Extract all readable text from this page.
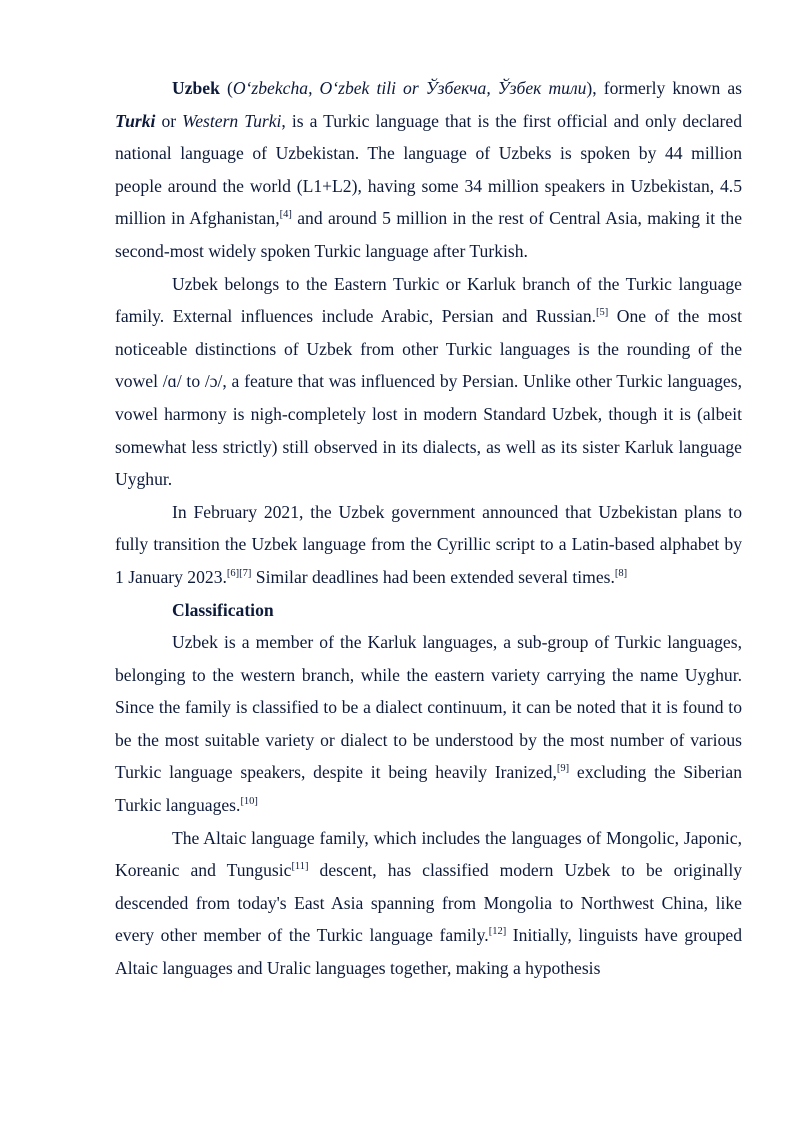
Uzbek (Oʻzbekcha, Oʻzbek tili or Ўзбекча, Ўзбек тили), formerly known as Turki or Western Turki, is a Turkic language that is the first official and only declared national language of Uzbekistan. The language of Uzbeks is spoken by 44 million people around the world (L1+L2), having some 34 million speakers in Uzbekistan, 4.5 million in Afghanistan,[4] and around 5 million in the rest of Central Asia, making it the second-most widely spoken Turkic language after Turkish.

Uzbek belongs to the Eastern Turkic or Karluk branch of the Turkic language family. External influences include Arabic, Persian and Russian.[5] One of the most noticeable distinctions of Uzbek from other Turkic languages is the rounding of the vowel /ɑ/ to /ɔ/, a feature that was influenced by Persian. Unlike other Turkic languages, vowel harmony is nigh-completely lost in modern Standard Uzbek, though it is (albeit somewhat less strictly) still observed in its dialects, as well as its sister Karluk language Uyghur.

In February 2021, the Uzbek government announced that Uzbekistan plans to fully transition the Uzbek language from the Cyrillic script to a Latin-based alphabet by 1 January 2023.[6][7] Similar deadlines had been extended several times.[8]

Classification

Uzbek is a member of the Karluk languages, a sub-group of Turkic languages, belonging to the western branch, while the eastern variety carrying the name Uyghur. Since the family is classified to be a dialect continuum, it can be noted that it is found to be the most suitable variety or dialect to be understood by the most number of various Turkic language speakers, despite it being heavily Iranized,[9] excluding the Siberian Turkic languages.[10]

The Altaic language family, which includes the languages of Mongolic, Japonic, Koreanic and Tungusic[11] descent, has classified modern Uzbek to be originally descended from today's East Asia spanning from Mongolia to Northwest China, like every other member of the Turkic language family.[12] Initially, linguists have grouped Altaic languages and Uralic languages together, making a hypothesis
